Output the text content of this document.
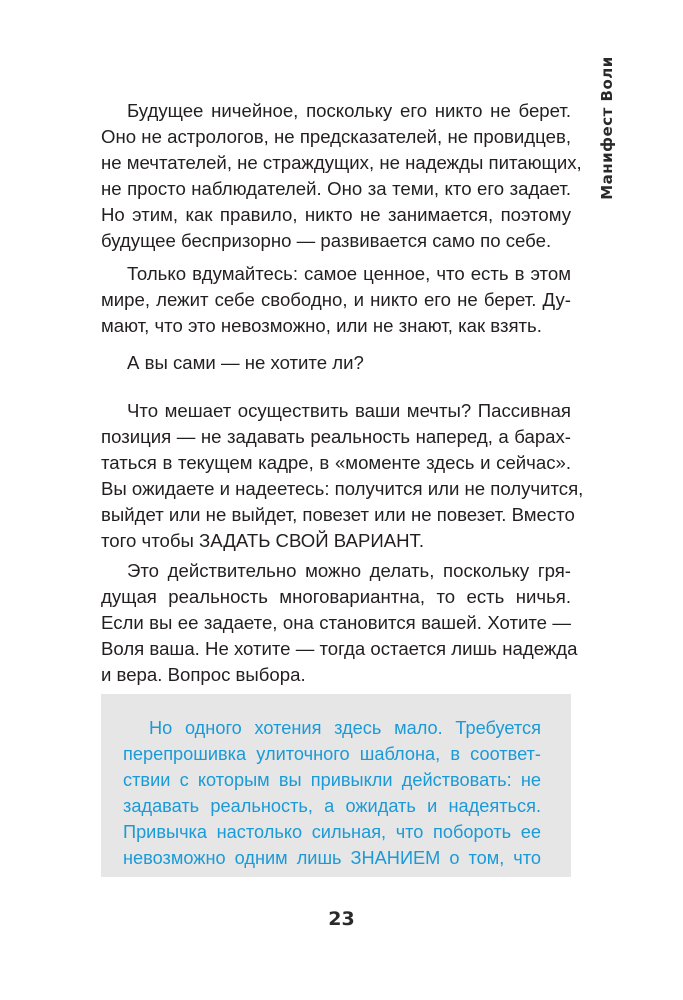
Манифест Воли
Будущее ничейное, поскольку его никто не берет.
Оно не астрологов, не предсказателей, не провидцев,
не мечтателей, не страждущих, не надежды питающих,
не просто наблюдателей. Оно за теми, кто его задает.
Но этим, как правило, никто не занимается, поэтому
будущее беспризорно — развивается само по себе.
Только вдумайтесь: самое ценное, что есть в этом
мире, лежит себе свободно, и никто его не берет. Ду-
мают, что это невозможно, или не знают, как взять.
А вы сами — не хотите ли?
Что мешает осуществить ваши мечты? Пассивная
позиция — не задавать реальность наперед, а барах-
таться в текущем кадре, в «моменте здесь и сейчас».
Вы ожидаете и надеетесь: получится или не получится,
выйдет или не выйдет, повезет или не повезет. Вместо
того чтобы ЗАДАТЬ СВОЙ ВАРИАНТ.
Это действительно можно делать, поскольку гря-
дущая реальность многовариантна, то есть ничья.
Если вы ее задаете, она становится вашей. Хотите —
Воля ваша. Не хотите — тогда остается лишь надежда
и вера. Вопрос выбора.
Но одного хотения здесь мало. Требуется
перепрошивка улиточного шаблона, в соответ-
ствии с которым вы привыкли действовать: не
задавать реальность, а ожидать и надеяться.
Привычка настолько сильная, что побороть ее
невозможно одним лишь ЗНАНИЕМ о том, что
23
